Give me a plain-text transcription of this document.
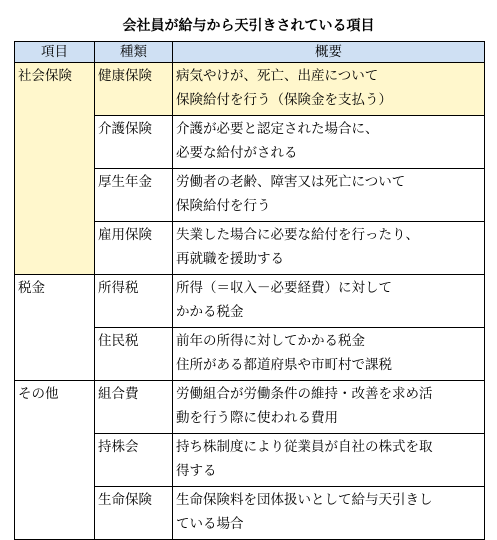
会社員が給与から天引きされている項目
項目	種類	概要
社会保険	健康保険	病気やけが、死亡、出産について
保険給付を行う（保険金を支払う）

	介護保険	介護が必要と認定された場合に、
必要な給付がされる

	厚生年金	労働者の老齢、障害又は死亡について
保険給付を行う

	雇用保険	失業した場合に必要な給付を行ったり、
再就職を援助する

税金	所得税	所得（＝収入－必要経費）に対して
かかる税金

	住民税	前年の所得に対してかかる税金
住所がある都道府県や市町村で課税

その他	組合費	労働組合が労働条件の維持・改善を求め活
動を行う際に使われる費用

	持株会	持ち株制度により従業員が自社の株式を取
得する

	生命保険	生命保険料を団体扱いとして給与天引きし
ている場合
